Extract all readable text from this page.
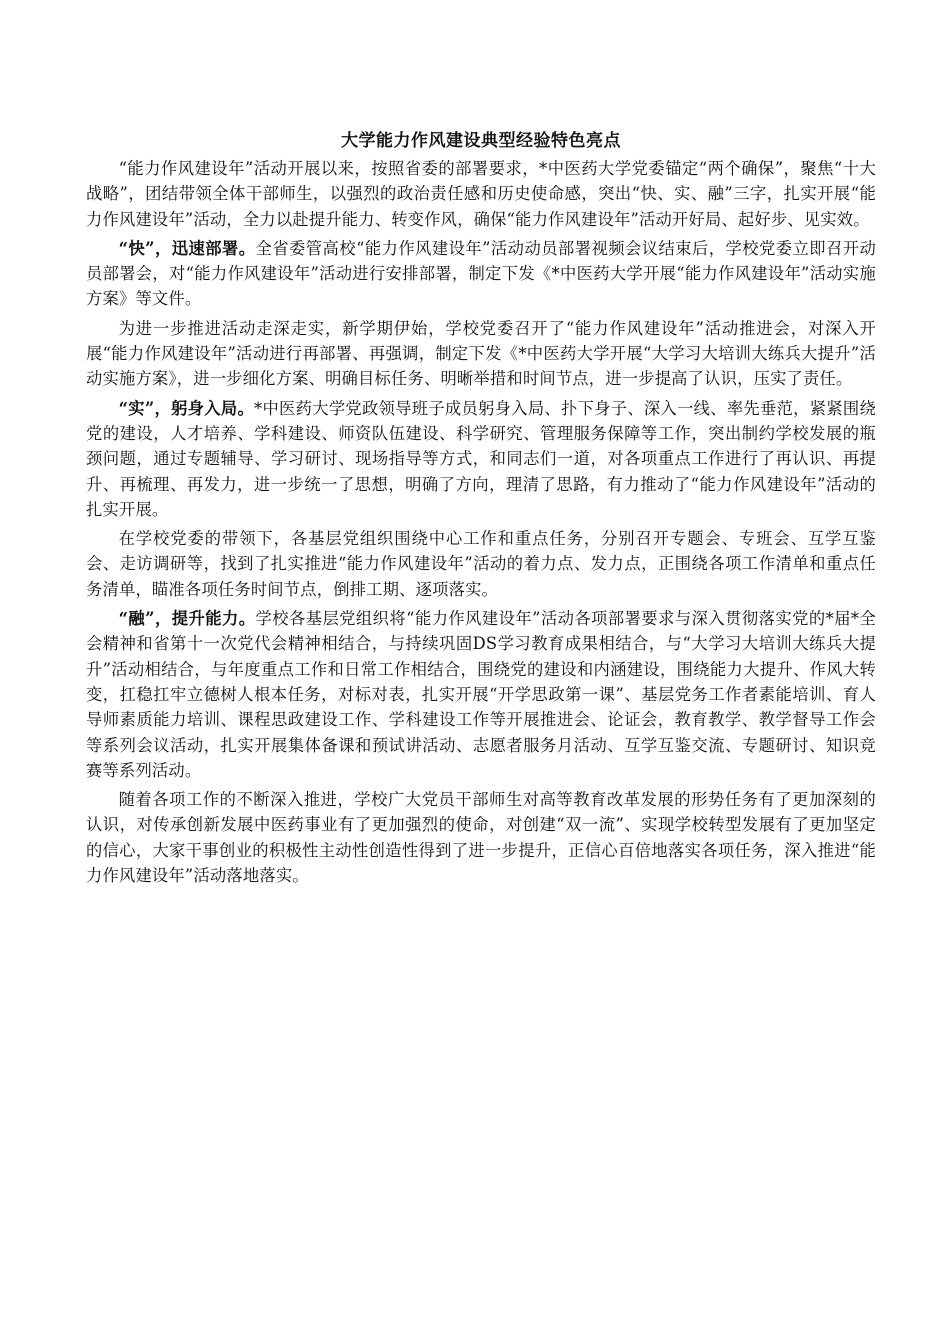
大学能力作风建设典型经验特色亮点

“能力作风建设年”活动开展以来，按照省委的部署要求，*中医药大学党委锚定“两个确保”，聚焦“十大战略”，团结带领全体干部师生，以强烈的政治责任感和历史使命感，突出“快、实、融”三字，扎实开展“能力作风建设年”活动，全力以赴提升能力、转变作风，确保“能力作风建设年”活动开好局、起好步、见实效。

“快”，迅速部署。全省委管高校“能力作风建设年”活动动员部署视频会议结束后，学校党委立即召开动员部署会，对“能力作风建设年”活动进行安排部署，制定下发《*中医药大学开展“能力作风建设年”活动实施方案》等文件。

为进一步推进活动走深走实，新学期伊始，学校党委召开了“能力作风建设年”活动推进会，对深入开展“能力作风建设年”活动进行再部署、再强调，制定下发《*中医药大学开展“大学习大培训大练兵大提升”活动实施方案》，进一步细化方案、明确目标任务、明晰举措和时间节点，进一步提高了认识，压实了责任。

“实”，躬身入局。*中医药大学党政领导班子成员躬身入局、扑下身子、深入一线、率先垂范，紧紧围绕党的建设，人才培养、学科建设、师资队伍建设、科学研究、管理服务保障等工作，突出制约学校发展的瓶颈问题，通过专题辅导、学习研讨、现场指导等方式，和同志们一道，对各项重点工作进行了再认识、再提升、再梳理、再发力，进一步统一了思想，明确了方向，理清了思路，有力推动了“能力作风建设年”活动的扎实开展。

在学校党委的带领下，各基层党组织围绕中心工作和重点任务，分别召开专题会、专班会、互学互鉴会、走访调研等，找到了扎实推进“能力作风建设年”活动的着力点、发力点，正围绕各项工作清单和重点任务清单，瞄准各项任务时间节点，倒排工期、逐项落实。

“融”，提升能力。学校各基层党组织将“能力作风建设年”活动各项部署要求与深入贯彻落实党的*届*全会精神和省第十一次党代会精神相结合，与持续巩固DS学习教育成果相结合，与“大学习大培训大练兵大提升”活动相结合，与年度重点工作和日常工作相结合，围绕党的建设和内涵建设，围绕能力大提升、作风大转变，扛稳扛牢立德树人根本任务，对标对表，扎实开展“开学思政第一课”、基层党务工作者素能培训、育人导师素质能力培训、课程思政建设工作、学科建设工作等开展推进会、论证会，教育教学、教学督导工作会等系列会议活动，扎实开展集体备课和预试讲活动、志愿者服务月活动、互学互鉴交流、专题研讨、知识竞赛等系列活动。

随着各项工作的不断深入推进，学校广大党员干部师生对高等教育改革发展的形势任务有了更加深刻的认识，对传承创新发展中医药事业有了更加强烈的使命，对创建“双一流”、实现学校转型发展有了更加坚定的信心，大家干事创业的积极性主动性创造性得到了进一步提升，正信心百倍地落实各项任务，深入推进“能力作风建设年”活动落地落实。
